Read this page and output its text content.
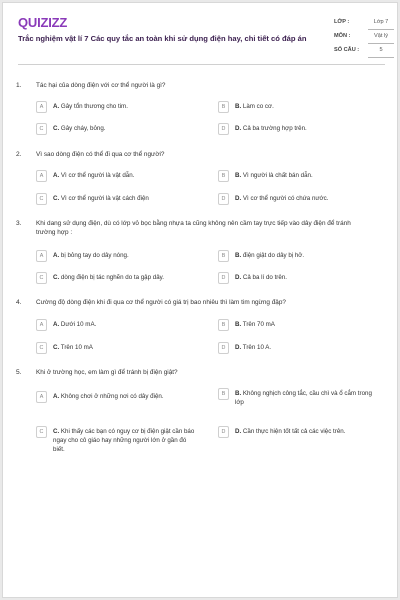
QUIZIZZ
Trắc nghiệm vật lí 7 Các quy tắc an toàn khi sử dụng điện hay, chi tiết có đáp án
LỚP :	Lớp 7
MÔN :	Vật lý
SỐ CÂU :	5
1. Tác hại của dòng điện với cơ thể người là gì?
A	A. Gây tổn thương cho tim.	B	B. Làm co cơ.
C	C. Gây cháy, bỏng.	D	D. Cả ba trường hợp trên.
2. Vì sao dòng điện có thể đi qua cơ thể người?
A	A. Vì cơ thể người là vật dẫn.	B	B. Vì người là chất bán dẫn.
C	C. Vì cơ thể người là vật cách điện	D	D. Vì cơ thể người có chứa nước.
3. Khi dang sử dụng điện, dù có lớp vỏ bọc bằng nhựa ta cũng không nên cầm tay trực tiếp vào dây điện để tránh trường hợp :
A	A. bị bỏng tay do dây nóng.	B	B. điện giật do dây bị hở.
C	C. dòng điện bị tác nghẽn do ta gập dây.	D	D. Cả ba lí do trên.
4. Cường độ dòng điện khi đi qua cơ thể người có giá trị bao nhiêu thì làm tim ngừng đập?
A	A. Dưới 10 mA.	B	B. Trên 70 mA
C	C. Trên 10 mA	D	D. Trên 10 A.
5. Khi ở trường học, em làm gì để tránh bị điện giật?
A	A. Không chơi ở những nơi có dây điện.	B	B. Không nghịch công tắc, cầu chì và ổ cắm trong lớp
C	C. Khi thấy các bạn có nguy cơ bị điện giật cần báo ngay cho cô giáo hay những người lớn ở gần đó biết.
D	D. Cần thực hiện tốt tất cả các việc trên.
